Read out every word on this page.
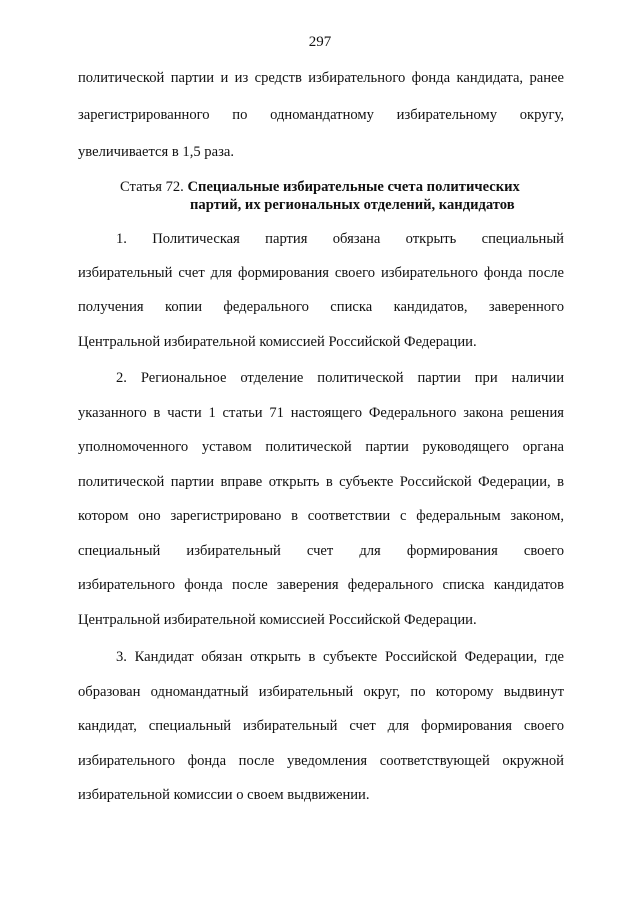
297
политической партии и из средств избирательного фонда кандидата, ранее
зарегистрированного по одномандатному избирательному округу,
увеличивается в 1,5 раза.
Статья 72. Специальные избирательные счета политических
партий, их региональных отделений, кандидатов
1. Политическая партия обязана открыть специальный
избирательный счет для формирования своего избирательного фонда после
получения копии федерального списка кандидатов, заверенного
Центральной избирательной комиссией Российской Федерации.
2. Региональное отделение политической партии при наличии
указанного в части 1 статьи 71 настоящего Федерального закона решения
уполномоченного уставом политической партии руководящего органа
политической партии вправе открыть в субъекте Российской Федерации, в
котором оно зарегистрировано в соответствии с федеральным законом,
специальный избирательный счет для формирования своего
избирательного фонда после заверения федерального списка кандидатов
Центральной избирательной комиссией Российской Федерации.
3. Кандидат обязан открыть в субъекте Российской Федерации, где
образован одномандатный избирательный округ, по которому выдвинут
кандидат, специальный избирательный счет для формирования своего
избирательного фонда после уведомления соответствующей окружной
избирательной комиссии о своем выдвижении.
